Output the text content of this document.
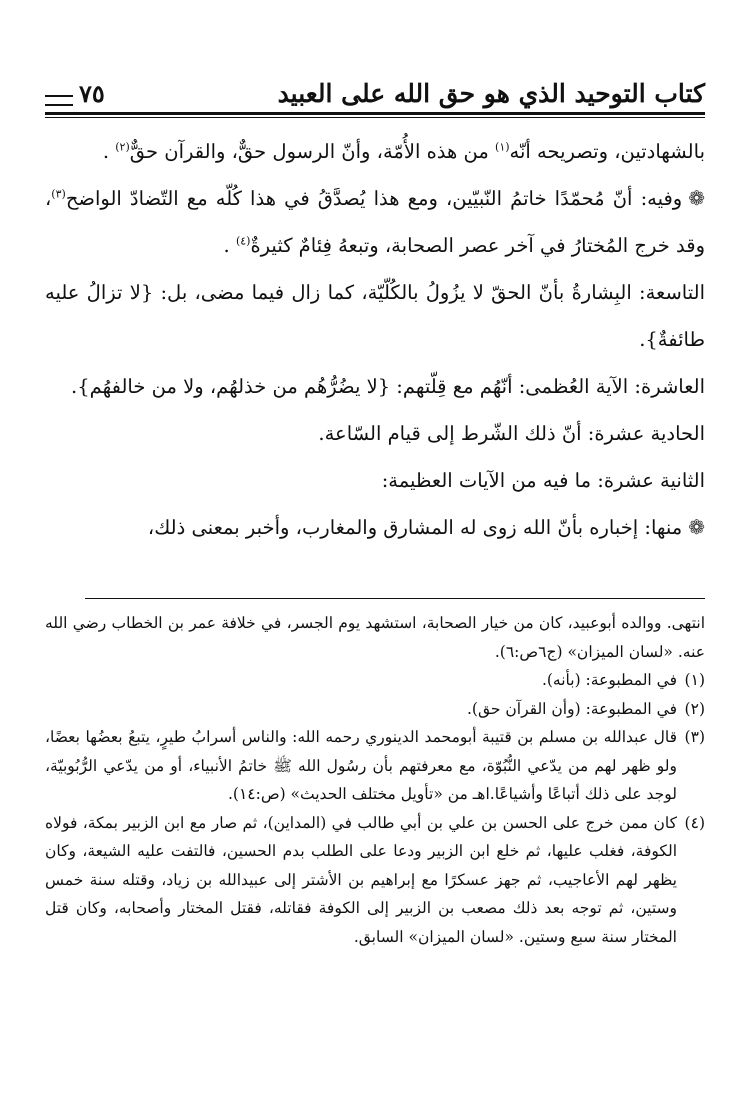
كتاب التوحيد الذي هو حق الله على العبيد
٧٥

بالشهادتين، وتصريحه أنّه$^{(١)}$ من هذه الأُمّة، وأنّ الرسول حقٌّ، والقرآن حقٌّ$^{(٢)}$ .

❁وفيه: أنّ مُحمّدًا خاتمُ النّبيّين، ومع هذا يُصدَّقُ في هذا كُلّه مع التّضادّ الواضح$^{(٣)}$، وقد خرج المُختارُ في آخر عصر الصحابة، وتبعهُ فِئامٌ كثيرةٌ$^{(٤)}$ .

التاسعة: البِشارةُ بأنّ الحقّ لا يزُولُ بالكُلّيّة، كما زال فيما مضى، بل: {لا تزالُ عليه طائفةٌ}.

العاشرة: الآية العُظمى: أنّهُم مع قِلّتهم: {لا يضُرُّهُم من خذلهُم، ولا من خالفهُم}.

الحادية عشرة: أنّ ذلك الشّرط إلى قيام السّاعة.

الثانية عشرة: ما فيه من الآيات العظيمة:

❁منها: إخباره بأنّ الله زوى له المشارق والمغارب، وأخبر بمعنى ذلك،

انتهى. ووالده أبوعبيد، كان من خيار الصحابة، استشهد يوم الجسر، في خلافة عمر بن الخطاب رضي الله عنه. «لسان الميزان» (ج٦ص:٦).

(١)
في المطبوعة: (بأنه).
(٢)
في المطبوعة: (وأن القرآن حق).
(٣)
قال عبدالله بن مسلم بن قتيبة أبومحمد الدينوري رحمه الله: والناس أسرابُ طيرٍ، يتبعُ بعضُها بعضًا، ولو ظهر لهم من يدّعي النُّبُوّة، مع معرفتهم بأن رسُول الله ﷺ خاتمُ الأنبياء، أو من يدّعي الرُّبُوبيّة، لوجد على ذلك أتباعًا وأشياعًا.اهـ من «تأويل مختلف الحديث» (ص:١٤).
(٤)
كان ممن خرج على الحسن بن علي بن أبي طالب في (المداين)، ثم صار مع ابن الزبير بمكة، فولاه الكوفة، فغلب عليها، ثم خلع ابن الزبير ودعا على الطلب بدم الحسين، فالتفت عليه الشيعة، وكان يظهر لهم الأعاجيب، ثم جهز عسكرًا مع إبراهيم بن الأشتر إلى عبيدالله بن زياد، وقتله سنة خمس وستين، ثم توجه بعد ذلك مصعب بن الزبير إلى الكوفة فقاتله، فقتل المختار وأصحابه، وكان قتل المختار سنة سبع وستين. «لسان الميزان» السابق.
